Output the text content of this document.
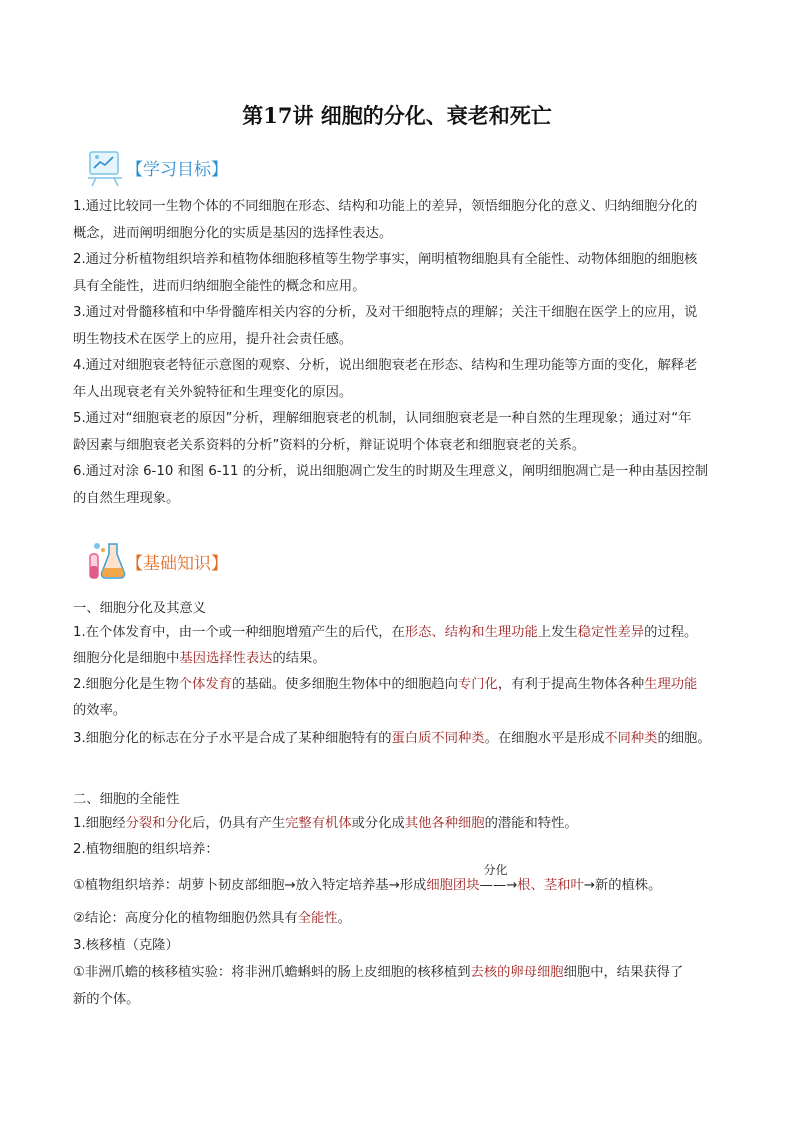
第17讲 细胞的分化、衰老和死亡
【学习目标】
1.通过比较同一生物个体的不同细胞在形态、结构和功能上的差异，领悟细胞分化的意义、归纳细胞分化的
概念，进而阐明细胞分化的实质是基因的选择性表达。
2.通过分析植物组织培养和植物体细胞移植等生物学事实，阐明植物细胞具有全能性、动物体细胞的细胞核
具有全能性，进而归纳细胞全能性的概念和应用。
3.通过对骨髓移植和中华骨髓库相关内容的分析，及对干细胞特点的理解；关注干细胞在医学上的应用，说
明生物技术在医学上的应用，提升社会责任感。
4.通过对细胞衰老特征示意图的观察、分析，说出细胞衰老在形态、结构和生理功能等方面的变化，解释老
年人出现衰老有关外貌特征和生理变化的原因。
5.通过对“细胞衰老的原因”分析，理解细胞衰老的机制，认同细胞衰老是一种自然的生理现象；通过对“年
龄因素与细胞衰老关系资料的分析”资料的分析，辩证说明个体衰老和细胞衰老的关系。
6.通过对涂 6-10 和图 6-11 的分析，说出细胞凋亡发生的时期及生理意义，阐明细胞凋亡是一种由基因控制
的自然生理现象。
【基础知识】
一、细胞分化及其意义
1.在个体发育中，由一个或一种细胞增殖产生的后代，在形态、结构和生理功能上发生稳定性差异的过程。
细胞分化是细胞中基因选择性表达的结果。
2.细胞分化是生物个体发育的基础。使多细胞生物体中的细胞趋向专门化，有利于提高生物体各种生理功能
的效率。
3.细胞分化的标志在分子水平是合成了某种细胞特有的蛋白质不同种类。在细胞水平是形成不同种类的细胞。
二、细胞的全能性
1.细胞经分裂和分化后，仍具有产生完整有机体或分化成其他各种细胞的潜能和特性。
2.植物细胞的组织培养：
①植物组织培养：胡萝卜韧皮部细胞→放入特定培养基→形成细胞团块
分化
——→根、茎和叶→新的植株。
②结论：高度分化的植物细胞仍然具有全能性。
3.核移植（克隆）
①非洲爪蟾的核移植实验：将非洲爪蟾蝌蚪的肠上皮细胞的核移植到去核的卵母细胞细胞中，结果获得了
新的个体。
